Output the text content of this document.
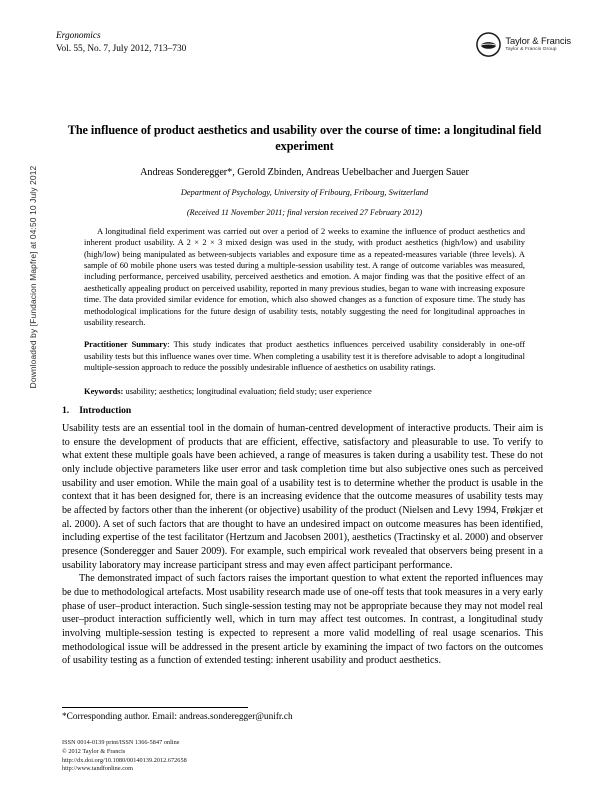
Downloaded by [Fundacion Mapfre] at 04:50 10 July 2012
Ergonomics
Vol. 55, No. 7, July 2012, 713–730
Taylor & Francis
Taylor & Francis Group
The influence of product aesthetics and usability over the course of time: a longitudinal field experiment
Andreas Sonderegger*, Gerold Zbinden, Andreas Uebelbacher and Juergen Sauer
Department of Psychology, University of Fribourg, Fribourg, Switzerland
(Received 11 November 2011; final version received 27 February 2012)

A longitudinal field experiment was carried out over a period of 2 weeks to examine the influence of product aesthetics and inherent product usability. A 2 × 2 × 3 mixed design was used in the study, with product aesthetics (high/low) and usability (high/low) being manipulated as between-subjects variables and exposure time as a repeated-measures variable (three levels). A sample of 60 mobile phone users was tested during a multiple-session usability test. A range of outcome variables was measured, including performance, perceived usability, perceived aesthetics and emotion. A major finding was that the positive effect of an aesthetically appealing product on perceived usability, reported in many previous studies, began to wane with increasing exposure time. The data provided similar evidence for emotion, which also showed changes as a function of exposure time. The study has methodological implications for the future design of usability tests, notably suggesting the need for longitudinal approaches in usability research.

Practitioner Summary: This study indicates that product aesthetics influences perceived usability considerably in one-off usability tests but this influence wanes over time. When completing a usability test it is therefore advisable to adopt a longitudinal multiple-session approach to reduce the possibly undesirable influence of aesthetics on usability ratings.

Keywords: usability; aesthetics; longitudinal evaluation; field study; user experience

1. Introduction

Usability tests are an essential tool in the domain of human-centred development of interactive products. Their aim is to ensure the development of products that are efficient, effective, satisfactory and pleasurable to use. To verify to what extent these multiple goals have been achieved, a range of measures is taken during a usability test. These do not only include objective parameters like user error and task completion time but also subjective ones such as perceived usability and user emotion. While the main goal of a usability test is to determine whether the product is usable in the context that it has been designed for, there is an increasing evidence that the outcome measures of usability tests may be affected by factors other than the inherent (or objective) usability of the product (Nielsen and Levy 1994, Frøkjær et al. 2000). A set of such factors that are thought to have an undesired impact on outcome measures has been identified, including expertise of the test facilitator (Hertzum and Jacobsen 2001), aesthetics (Tractinsky et al. 2000) and observer presence (Sonderegger and Sauer 2009). For example, such empirical work revealed that observers being present in a usability laboratory may increase participant stress and may even affect participant performance.

The demonstrated impact of such factors raises the important question to what extent the reported influences may be due to methodological artefacts. Most usability research made use of one-off tests that took measures in a very early phase of user–product interaction. Such single-session testing may not be appropriate because they may not model real user–product interaction sufficiently well, which in turn may affect test outcomes. In contrast, a longitudinal study involving multiple-session testing is expected to represent a more valid modelling of real usage scenarios. This methodological issue will be addressed in the present article by examining the impact of two factors on the outcomes of usability testing as a function of extended testing: inherent usability and product aesthetics.

*Corresponding author. Email: andreas.sonderegger@unifr.ch
ISSN 0014-0139 print/ISSN 1366-5847 online
© 2012 Taylor & Francis
http://dx.doi.org/10.1080/00140139.2012.672658
http://www.tandfonline.com
